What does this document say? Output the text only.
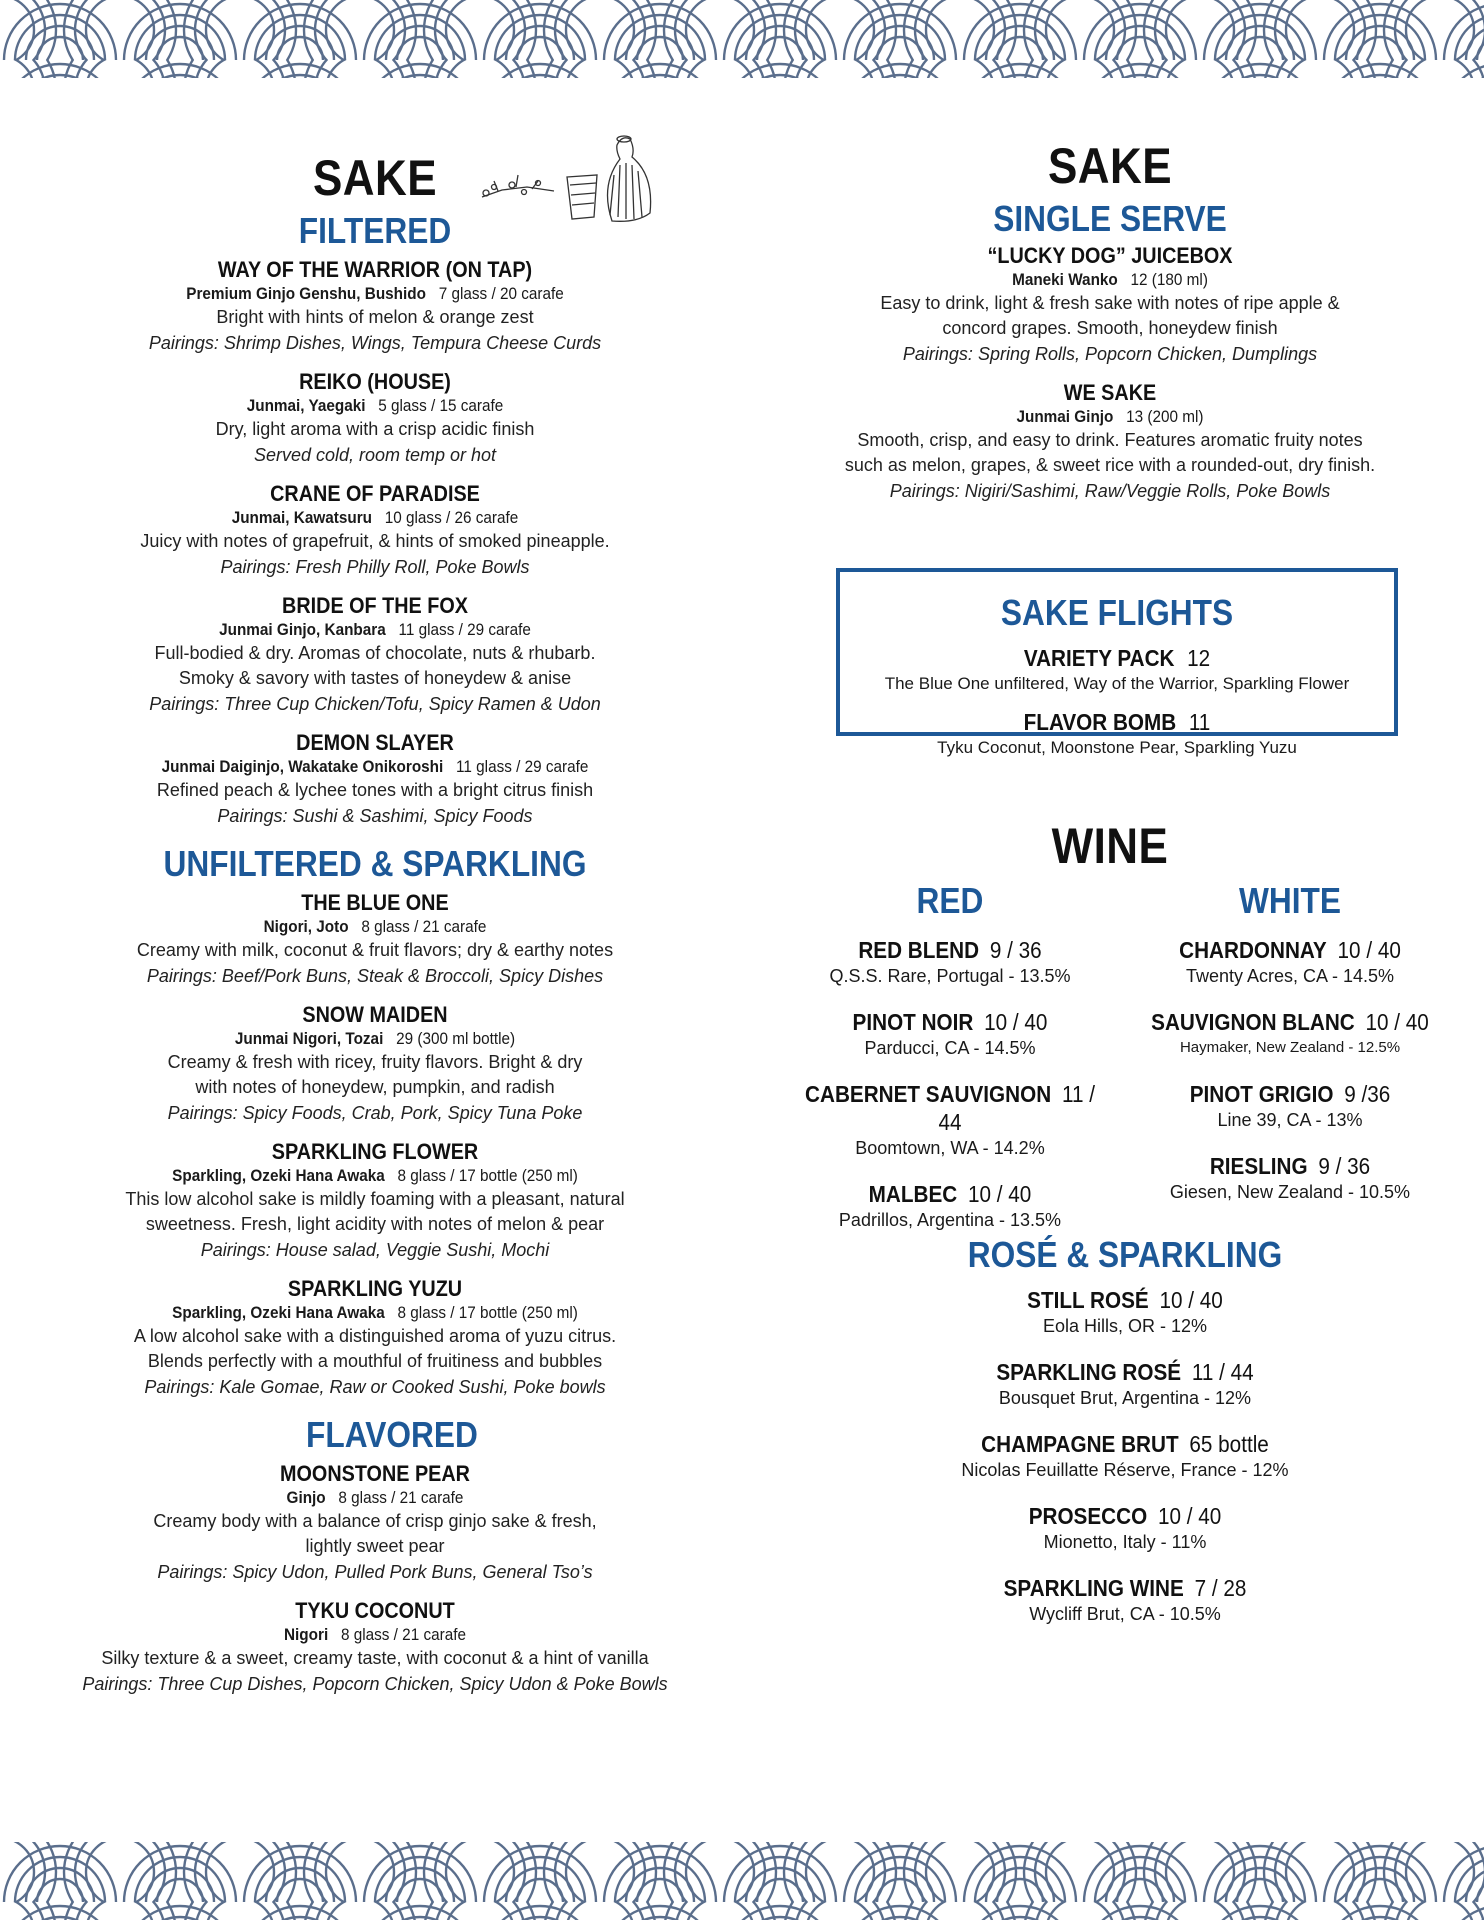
SAKE
FILTERED
WAY OF THE WARRIOR (ON TAP)
Premium Ginjo Genshu, Bushido 7 glass / 20 carafe
Bright with hints of melon & orange zest
Pairings: Shrimp Dishes, Wings, Tempura Cheese Curds
REIKO (HOUSE)
Junmai, Yaegaki 5 glass / 15 carafe
Dry, light aroma with a crisp acidic finish
Served cold, room temp or hot
CRANE OF PARADISE
Junmai, Kawatsuru 10 glass / 26 carafe
Juicy with notes of grapefruit, & hints of smoked pineapple.
Pairings: Fresh Philly Roll, Poke Bowls
BRIDE OF THE FOX
Junmai Ginjo, Kanbara 11 glass / 29 carafe
Full-bodied & dry. Aromas of chocolate, nuts & rhubarb.
Smoky & savory with tastes of honeydew & anise
Pairings: Three Cup Chicken/Tofu, Spicy Ramen & Udon
DEMON SLAYER
Junmai Daiginjo, Wakatake Onikoroshi 11 glass / 29 carafe
Refined peach & lychee tones with a bright citrus finish
Pairings: Sushi & Sashimi, Spicy Foods
UNFILTERED & SPARKLING
THE BLUE ONE
Nigori, Joto 8 glass / 21 carafe
Creamy with milk, coconut & fruit flavors; dry & earthy notes
Pairings: Beef/Pork Buns, Steak & Broccoli, Spicy Dishes
SNOW MAIDEN
Junmai Nigori, Tozai 29 (300 ml bottle)
Creamy & fresh with ricey, fruity flavors. Bright & dry
with notes of honeydew, pumpkin, and radish
Pairings: Spicy Foods, Crab, Pork, Spicy Tuna Poke
SPARKLING FLOWER
Sparkling, Ozeki Hana Awaka 8 glass / 17 bottle (250 ml)
This low alcohol sake is mildly foaming with a pleasant, natural
sweetness. Fresh, light acidity with notes of melon & pear
Pairings: House salad, Veggie Sushi, Mochi
SPARKLING YUZU
Sparkling, Ozeki Hana Awaka 8 glass / 17 bottle (250 ml)
A low alcohol sake with a distinguished aroma of yuzu citrus.
Blends perfectly with a mouthful of fruitiness and bubbles
Pairings: Kale Gomae, Raw or Cooked Sushi, Poke bowls
FLAVORED
MOONSTONE PEAR
Ginjo 8 glass / 21 carafe
Creamy body with a balance of crisp ginjo sake & fresh,
lightly sweet pear
Pairings: Spicy Udon, Pulled Pork Buns, General Tso’s
TYKU COCONUT
Nigori 8 glass / 21 carafe
Silky texture & a sweet, creamy taste, with coconut & a hint of vanilla
Pairings: Three Cup Dishes, Popcorn Chicken, Spicy Udon & Poke Bowls
SAKE
SINGLE SERVE
“LUCKY DOG” JUICEBOX
Maneki Wanko 12 (180 ml)
Easy to drink, light & fresh sake with notes of ripe apple &
concord grapes. Smooth, honeydew finish
Pairings: Spring Rolls, Popcorn Chicken, Dumplings
WE SAKE
Junmai Ginjo 13 (200 ml)
Smooth, crisp, and easy to drink. Features aromatic fruity notes
such as melon, grapes, & sweet rice with a rounded-out, dry finish.
Pairings: Nigiri/Sashimi, Raw/Veggie Rolls, Poke Bowls
SAKE FLIGHTS
VARIETY PACK 12
The Blue One unfiltered, Way of the Warrior, Sparkling Flower
FLAVOR BOMB 11
Tyku Coconut, Moonstone Pear, Sparkling Yuzu
WINE
RED
RED BLEND 9 / 36
Q.S.S. Rare, Portugal - 13.5%
PINOT NOIR 10 / 40
Parducci, CA - 14.5%
CABERNET SAUVIGNON 11 / 44
Boomtown, WA - 14.2%
MALBEC 10 / 40
Padrillos, Argentina - 13.5%
WHITE
CHARDONNAY 10 / 40
Twenty Acres, CA - 14.5%
SAUVIGNON BLANC 10 / 40
Haymaker, New Zealand - 12.5%
PINOT GRIGIO 9 /36
Line 39, CA - 13%
RIESLING 9 / 36
Giesen, New Zealand - 10.5%
ROSÉ & SPARKLING
STILL ROSÉ 10 / 40
Eola Hills, OR - 12%
SPARKLING ROSÉ 11 / 44
Bousquet Brut, Argentina - 12%
CHAMPAGNE BRUT 65 bottle
Nicolas Feuillatte Réserve, France - 12%
PROSECCO 10 / 40
Mionetto, Italy - 11%
SPARKLING WINE 7 / 28
Wycliff Brut, CA - 10.5%
